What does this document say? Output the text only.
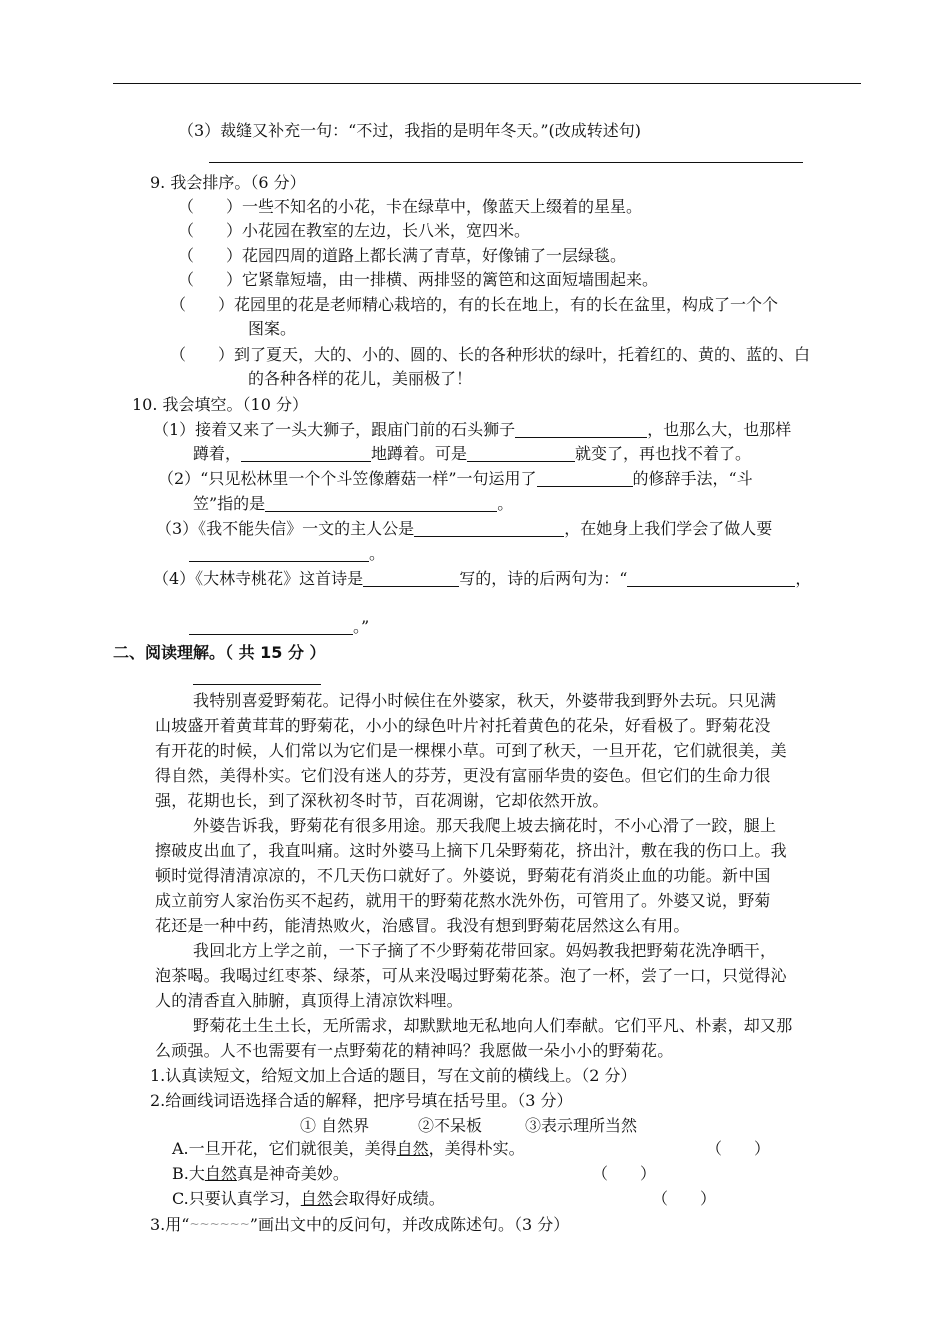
（3）裁缝又补充一句：“不过，我指的是明年冬天。”(改成转述句)
9. 我会排序。（6 分）
（　　）一些不知名的小花，卡在绿草中，像蓝天上缀着的星星。
（　　）小花园在教室的左边，长八米，宽四米。
（　　）花园四周的道路上都长满了青草，好像铺了一层绿毯。
（　　）它紧靠短墙，由一排横、两排竖的篱笆和这面短墙围起来。
（　　）花园里的花是老师精心栽培的，有的长在地上，有的长在盆里，构成了一个个
图案。
（　　）到了夏天，大的、小的、圆的、长的各种形状的绿叶，托着红的、黄的、蓝的、白
的各种各样的花儿，美丽极了！
10. 我会填空。（10 分）
（1）接着又来了一头大狮子，跟庙门前的石头狮子	，也那么大，也那样
蹲着，	地蹲着。可是	就变了，再也找不着了。
（2）“只见松林里一个个斗笠像蘑菇一样”一句运用了	的修辞手法，“斗
笠”指的是	。
（3）《我不能失信》一文的主人公是	，在她身上我们学会了做人要
。
（4）《大林寺桃花》这首诗是	写的，诗的后两句为：“	，
。”
二、阅读理解。（ 共 15 分 ）
我特别喜爱野菊花。记得小时候住在外婆家，秋天，外婆带我到野外去玩。只见满
山坡盛开着黄茸茸的野菊花，小小的绿色叶片衬托着黄色的花朵，好看极了。野菊花没
有开花的时候，人们常以为它们是一棵棵小草。可到了秋天，一旦开花，它们就很美，美
得自然，美得朴实。它们没有迷人的芬芳，更没有富丽华贵的姿色。但它们的生命力很
强，花期也长，到了深秋初冬时节，百花凋谢，它却依然开放。
外婆告诉我，野菊花有很多用途。那天我爬上坡去摘花时，不小心滑了一跤，腿上
擦破皮出血了，我直叫痛。这时外婆马上摘下几朵野菊花，挤出汁，敷在我的伤口上。我
顿时觉得清清凉凉的，不几天伤口就好了。外婆说，野菊花有消炎止血的功能。新中国
成立前穷人家治伤买不起药，就用干的野菊花熬水洗外伤，可管用了。外婆又说，野菊
花还是一种中药，能清热败火，治感冒。我没有想到野菊花居然这么有用。
我回北方上学之前，一下子摘了不少野菊花带回家。妈妈教我把野菊花洗净晒干，
泡茶喝。我喝过红枣茶、绿茶，可从来没喝过野菊花茶。泡了一杯，尝了一口，只觉得沁
人的清香直入肺腑，真顶得上清凉饮料哩。
野菊花土生土长，无所需求，却默默地无私地向人们奉献。它们平凡、朴素，却又那
么顽强。人不也需要有一点野菊花的精神吗？我愿做一朵小小的野菊花。
1.认真读短文，给短文加上合适的题目，写在文前的横线上。（2 分）
2.给画线词语选择合适的解释，把序号填在括号里。（3 分）
① 自然界	②不呆板	③表示理所当然
A.一旦开花，它们就很美，美得自然，美得朴实。	（　　）
B.大自然真是神奇美妙。	（　　）
C.只要认真学习，自然会取得好成绩。	（　　）
3.用“~~~~~~”画出文中的反问句，并改成陈述句。（3 分）
